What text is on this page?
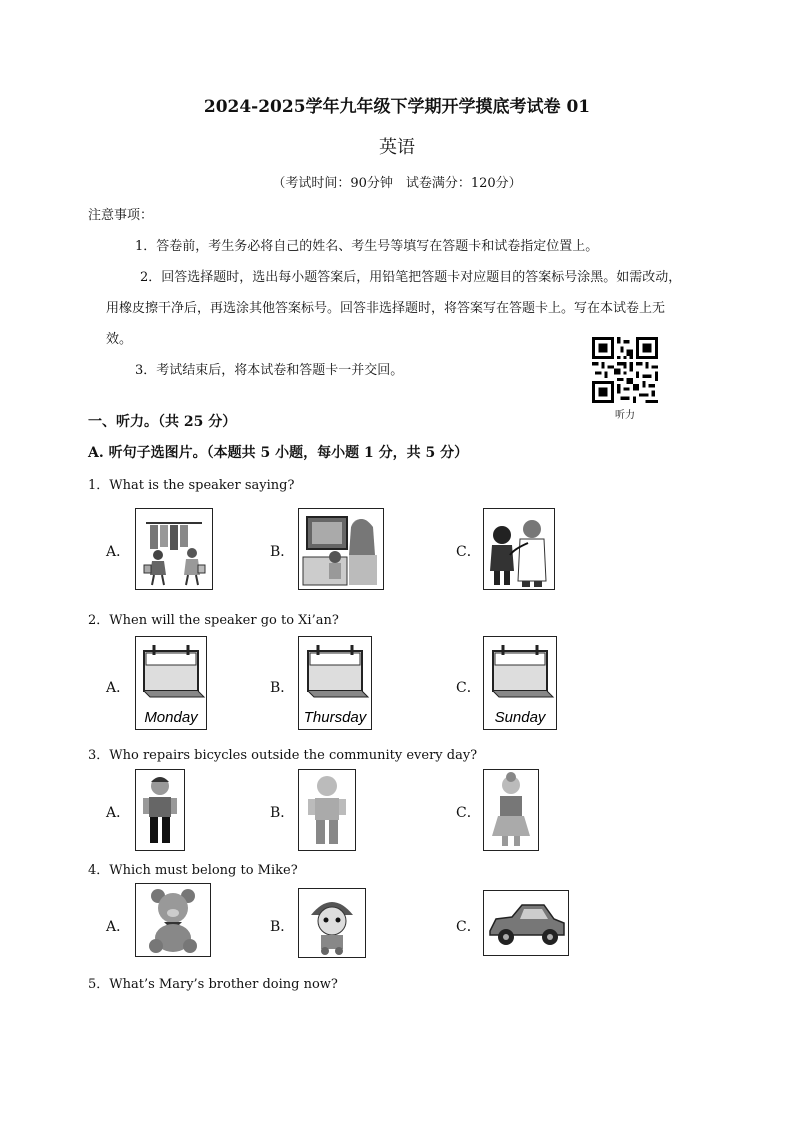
2024-2025学年九年级下学期开学摸底考试卷 01
英语
（考试时间：90分钟　试卷满分：120分）
注意事项：
1．答卷前，考生务必将自己的姓名、考生号等填写在答题卡和试卷指定位置上。
2．回答选择题时，选出每小题答案后，用铅笔把答题卡对应题目的答案标号涂黑。如需改动，
用橡皮擦干净后，再选涂其他答案标号。回答非选择题时，将答案写在答题卡上。写在本试卷上无
效。
3．考试结束后，将本试卷和答题卡一并交回。
听力
一、听力。（共 25 分）
A. 听句子选图片。（本题共 5 小题，每小题 1 分，共 5 分）
1．What is the speaker saying?
A．	B．	C．
2．When will the speaker go to Xi’an?
A．
Monday
B．
Thursday
C．
Sunday
3．Who repairs bicycles outside the community every day?
A．	B．	C．
4．Which must belong to Mike?
A．	B．	C．
5．What’s Mary’s brother doing now?
